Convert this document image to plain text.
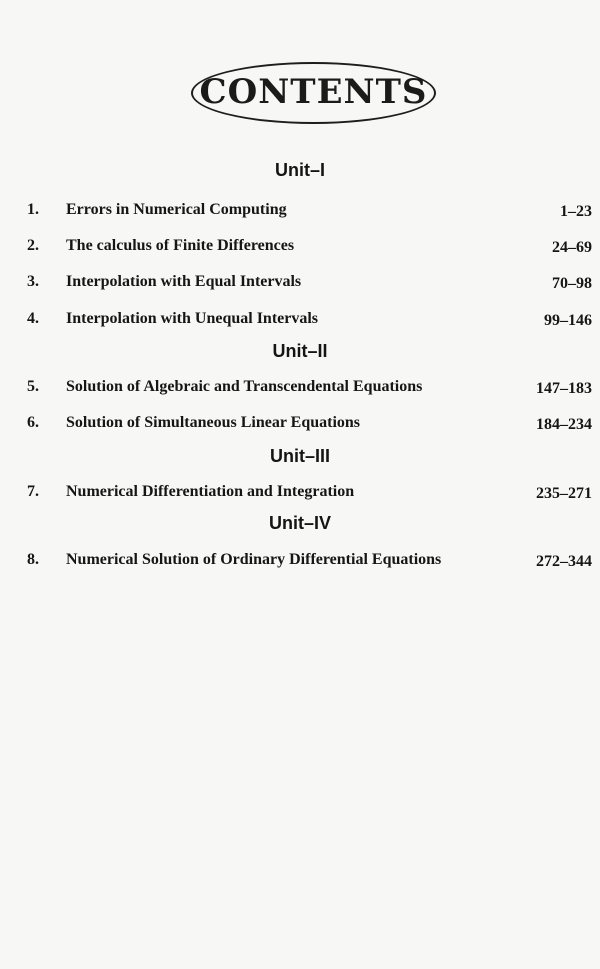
CONTENTS
Unit–I
1. Errors in Numerical Computing	1–23
2. The calculus of Finite Differences	24–69
3. Interpolation with Equal Intervals	70–98
4. Interpolation with Unequal Intervals	99–146
Unit–II
5. Solution of Algebraic and Transcendental Equations	147–183
6. Solution of Simultaneous Linear Equations	184–234
Unit–III
7. Numerical Differentiation and Integration	235–271
Unit–IV
8. Numerical Solution of Ordinary Differential Equations	272–344
